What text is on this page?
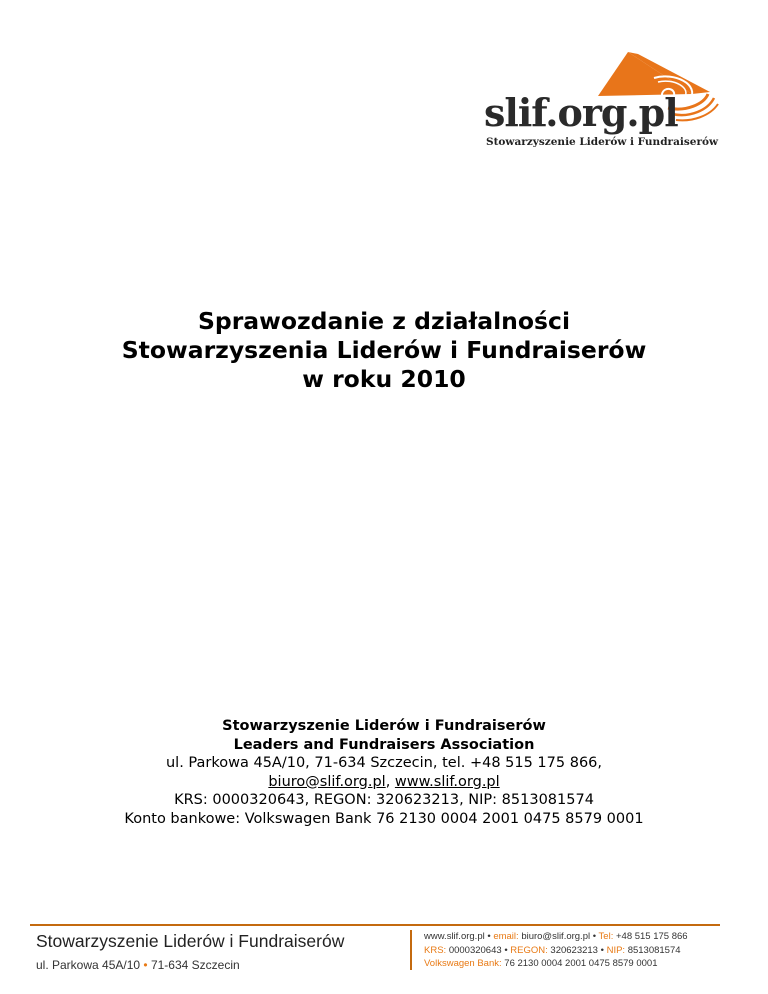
slif.org.pl
Stowarzyszenie Liderów i Fundraiserów
Sprawozdanie z działalności
Stowarzyszenia Liderów i Fundraiserów
w roku 2010
Stowarzyszenie Liderów i Fundraiserów
Leaders and Fundraisers Association
ul. Parkowa 45A/10, 71-634 Szczecin, tel. +48 515 175 866,
biuro@slif.org.pl, www.slif.org.pl
KRS: 0000320643, REGON: 320623213, NIP: 8513081574
Konto bankowe: Volkswagen Bank 76 2130 0004 2001 0475 8579 0001
Stowarzyszenie Liderów i Fundraiserów
ul. Parkowa 45A/10 • 71-634 Szczecin
www.slif.org.pl • email: biuro@slif.org.pl • Tel: +48 515 175 866
KRS: 0000320643 • REGON: 320623213 • NIP: 8513081574
Volkswagen Bank: 76 2130 0004 2001 0475 8579 0001
